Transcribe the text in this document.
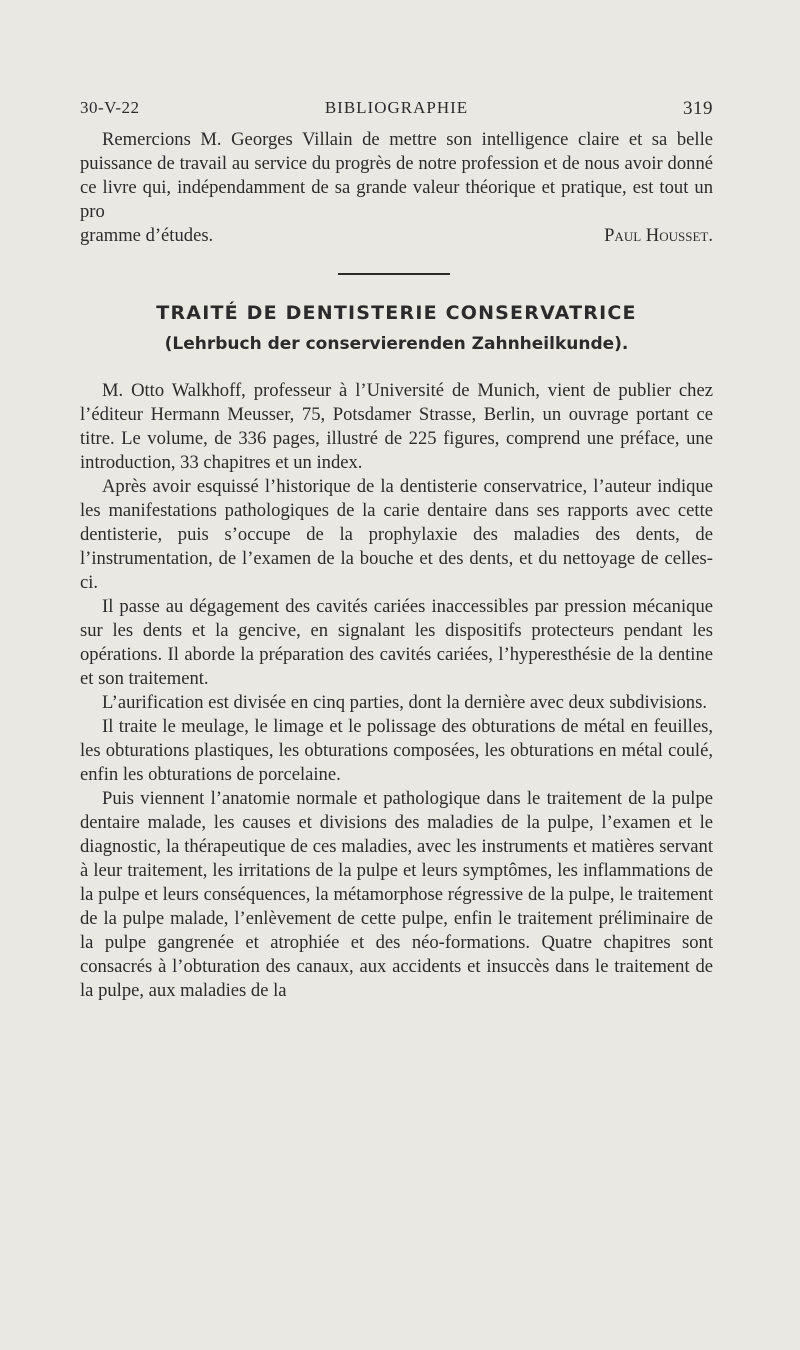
30-V-22	BIBLIOGRAPHIE	319

Remercions M. Georges Villain de mettre son intelligence claire et sa belle puissance de travail au service du progrès de notre profession et de nous avoir donné ce livre qui, indépendamment de sa grande valeur théorique et pratique, est tout un pro

gramme d’études.	Paul Housset.
TRAITÉ DE DENTISTERIE CONSERVATRICE
(Lehrbuch der conservierenden Zahnheilkunde).

M. Otto Walkhoff, professeur à l’Université de Munich, vient de publier chez l’éditeur Hermann Meusser, 75, Potsdamer Strasse, Berlin, un ouvrage portant ce titre. Le volume, de 336 pages, illustré de 225 figures, comprend une préface, une introduction, 33 chapitres et un index.

Après avoir esquissé l’historique de la dentisterie conservatrice, l’auteur indique les manifestations pathologiques de la carie dentaire dans ses rapports avec cette dentisterie, puis s’occupe de la prophylaxie des maladies des dents, de l’instrumentation, de l’examen de la bouche et des dents, et du nettoyage de celles-ci.

Il passe au dégagement des cavités cariées inaccessibles par pression mécanique sur les dents et la gencive, en signalant les dispositifs protecteurs pendant les opérations. Il aborde la préparation des cavités cariées, l’hyperesthésie de la dentine et son traitement.

L’aurification est divisée en cinq parties, dont la dernière avec deux subdivisions.

Il traite le meulage, le limage et le polissage des obturations de métal en feuilles, les obturations plastiques, les obturations composées, les obturations en métal coulé, enfin les obturations de porcelaine.

Puis viennent l’anatomie normale et pathologique dans le traitement de la pulpe dentaire malade, les causes et divisions des maladies de la pulpe, l’examen et le diagnostic, la thérapeutique de ces maladies, avec les instruments et matières servant à leur traitement, les irritations de la pulpe et leurs symptômes, les inflammations de la pulpe et leurs conséquences, la métamorphose régressive de la pulpe, le traitement de la pulpe malade, l’enlèvement de cette pulpe, enfin le traitement préliminaire de la pulpe gangrenée et atrophiée et des néo-formations. Quatre chapitres sont consacrés à l’obturation des canaux, aux accidents et insuccès dans le traitement de la pulpe, aux maladies de la
